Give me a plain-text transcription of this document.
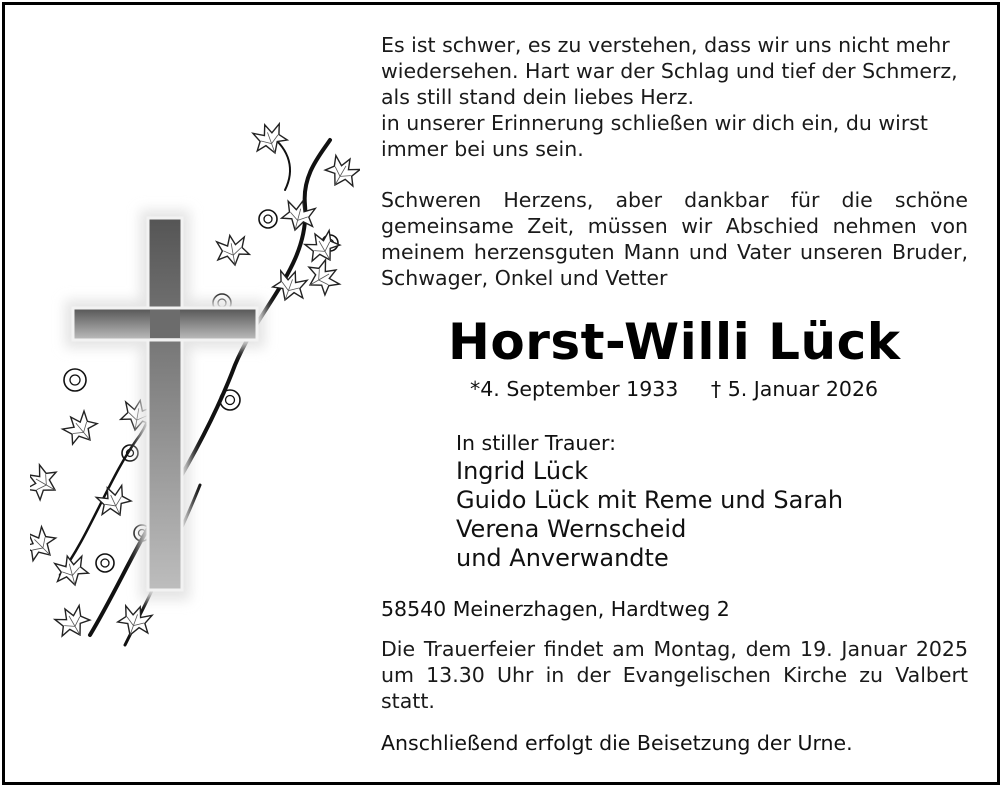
Es ist schwer, es zu verstehen, dass wir uns nicht mehr
wiedersehen. Hart war der Schlag und tief der Schmerz,
als still stand dein liebes Herz.
in unserer Erinnerung schließen wir dich ein, du wirst
immer bei uns sein.
Schweren Herzens, aber dankbar für die schöne gemeinsame Zeit, müssen wir Abschied nehmen von meinem herzensguten Mann und Vater unseren Bruder, Schwager, Onkel und Vetter
Horst-Willi Lück
*4. September 1933 † 5. Januar 2026
In stiller Trauer:
Ingrid Lück
Guido Lück mit Reme und Sarah
Verena Wernscheid
und Anverwandte
58540 Meinerzhagen, Hardtweg 2
Die Trauerfeier findet am Montag, dem 19. Januar 2025 um 13.30 Uhr in der Evangelischen Kirche zu Valbert statt.
Anschließend erfolgt die Beisetzung der Urne.
